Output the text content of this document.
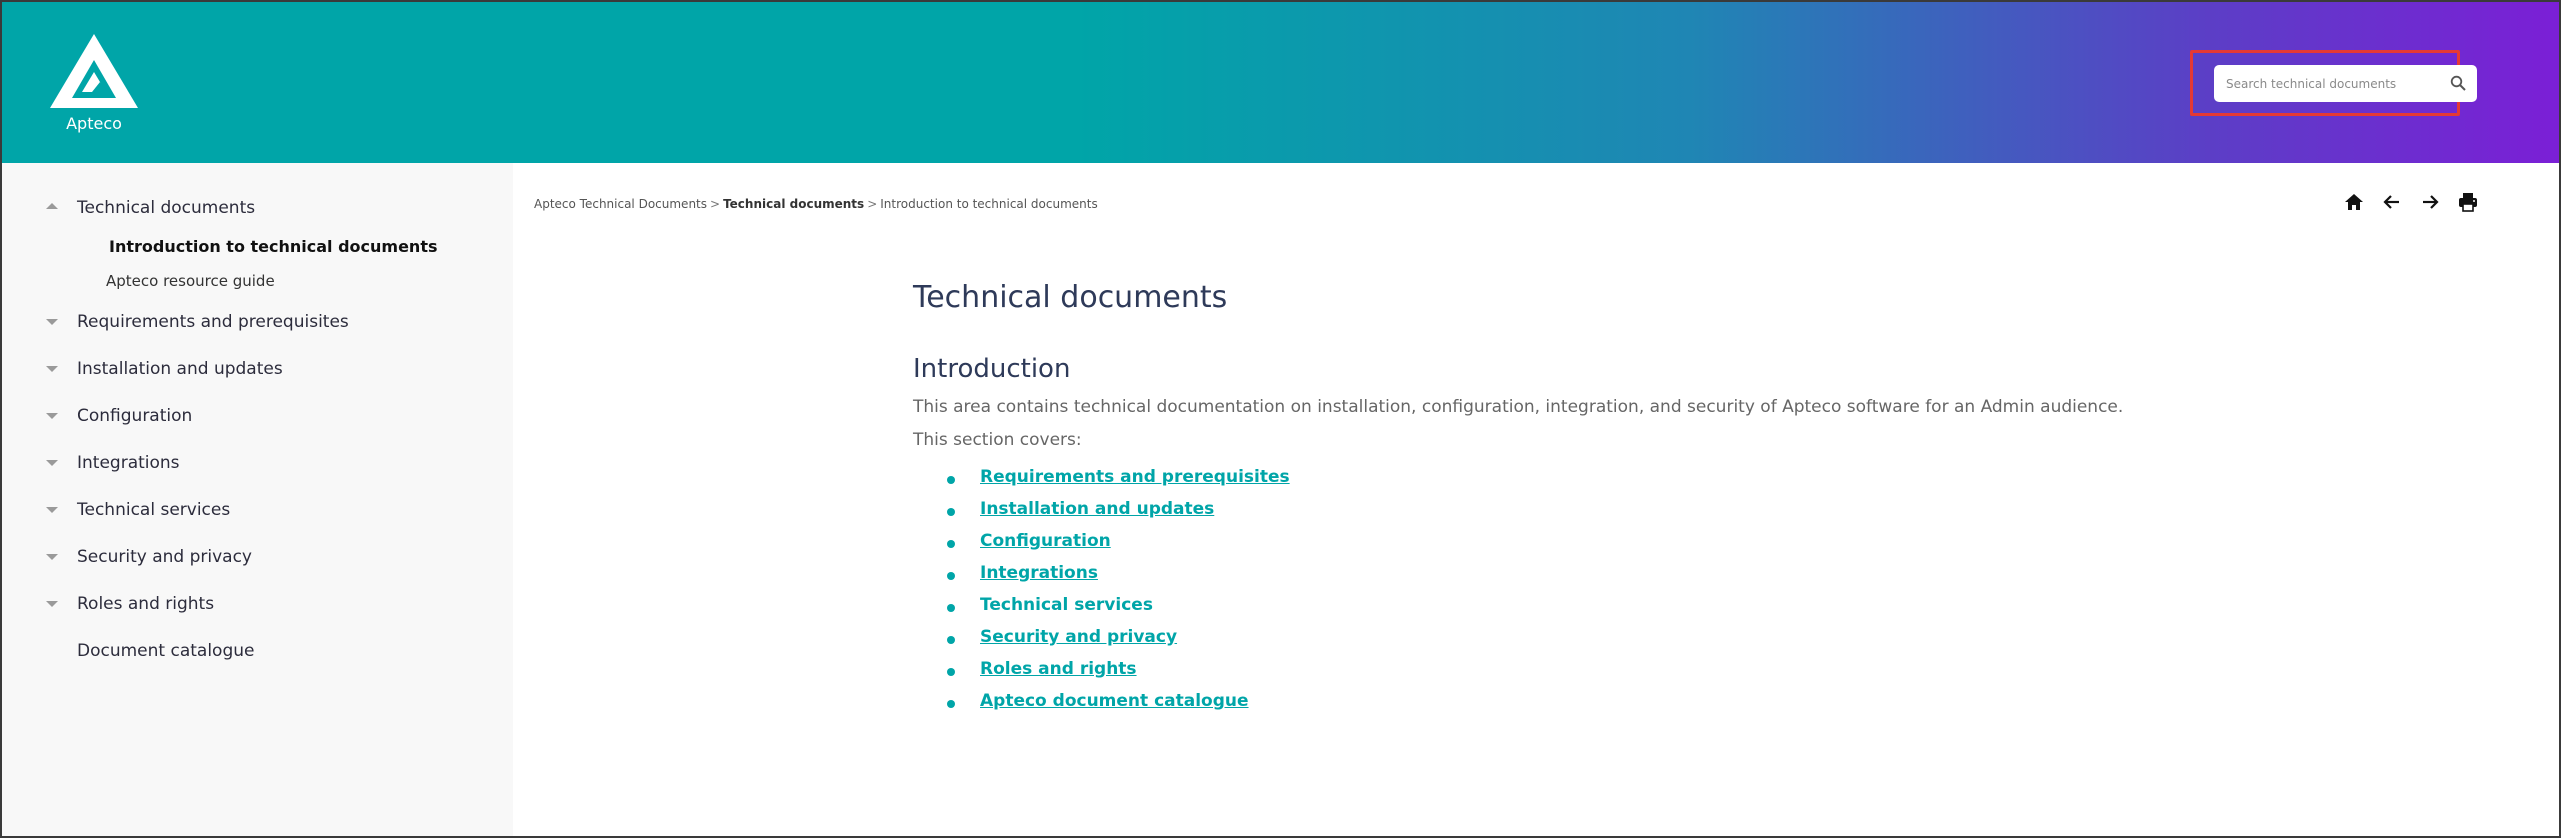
Apteco
Search technical documents
Technical documents
Introduction to technical documents
Apteco resource guide
Requirements and prerequisites
Installation and updates
Configuration
Integrations
Technical services
Security and privacy
Roles and rights
Document catalogue
Apteco Technical Documents > Technical documents > Introduction to technical documents
Technical documents
Introduction

This area contains technical documentation on installation, configuration, integration, and security of Apteco software for an Admin audience.

This section covers:

Requirements and prerequisites
Installation and updates
Configuration
Integrations
Technical services
Security and privacy
Roles and rights
Apteco document catalogue
